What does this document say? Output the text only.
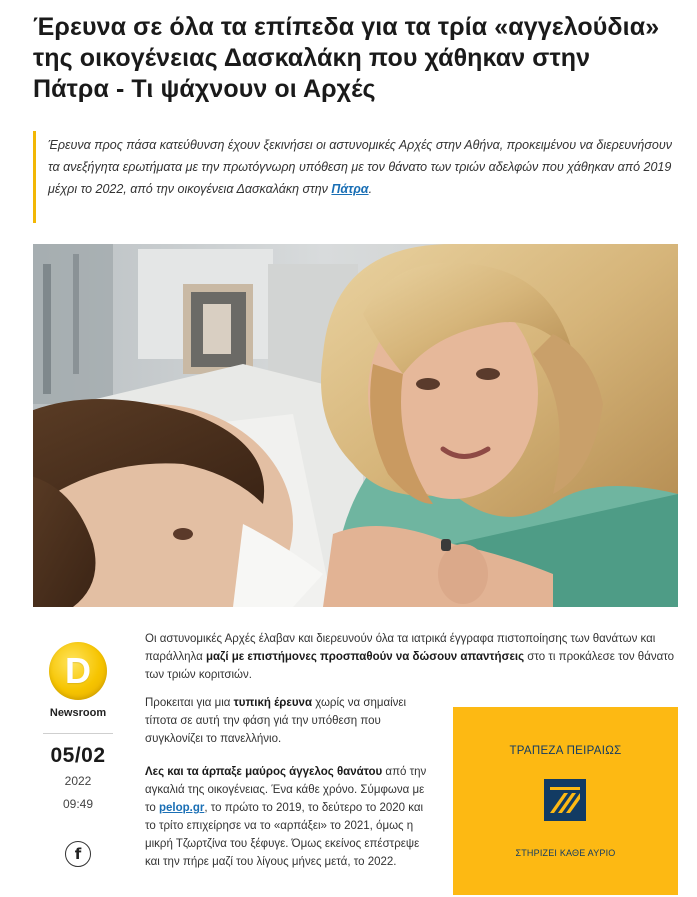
Έρευνα σε όλα τα επίπεδα για τα τρία «αγγελούδια» της οικογένειας Δασκαλάκη που χάθηκαν στην Πάτρα - Τι ψάχνουν οι Αρχές
Έρευνα προς πάσα κατεύθυνση έχουν ξεκινήσει οι αστυνομικές Αρχές στην Αθήνα, προκειμένου να διερευνήσουν τα ανεξήγητα ερωτήματα με την πρωτόγνωρη υπόθεση με τον θάνατο των τριών αδελφών που χάθηκαν από 2019 μέχρι το 2022, από την οικογένεια Δασκαλάκη στην Πάτρα.
D
Newsroom
05/02
2022
09:49
f

Οι αστυνομικές Αρχές έλαβαν και διερευνούν όλα τα ιατρικά έγγραφα πιστοποίησης των θανάτων και παράλληλα μαζί με επιστήμονες προσπαθούν να δώσουν απαντήσεις στο τι προκάλεσε τον θάνατο των τριών κοριτσιών.

Προκειται για μια τυπική έρευνα χωρίς να σημαίνει τίποτα σε αυτή την φάση γιά την υπόθεση που συγκλονίζει το πανελλήνιο.

Λες και τα άρπαξε μαύρος άγγελος θανάτου από την αγκαλιά της οικογένειας. Ένα κάθε χρόνο. Σύμφωνα με το pelop.gr, το πρώτο το 2019, το δεύτερο το 2020 και το τρίτο επιχείρησε να το «αρπάξει» το 2021, όμως η μικρή Τζωρτζίνα του ξέφυγε. Όμως εκείνος επέστρεψε και την πήρε μαζί του λίγους μήνες μετά, το 2022.

ΤΡΑΠΕΖΑ ΠΕΙΡΑΙΩΣ
ΣΤΗΡΙΖΕΙ ΚΑΘΕ ΑΥΡΙΟ
